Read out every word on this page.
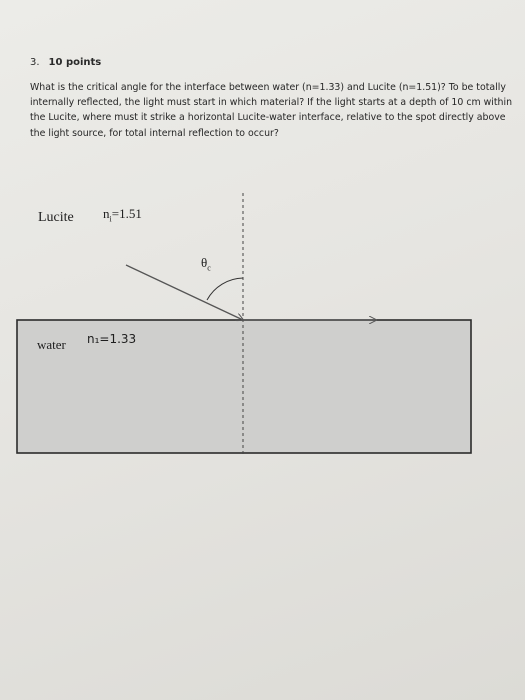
3. 10 points
What is the critical angle for the interface between water (n=1.33) and Lucite (n=1.51)? To be totally internally reflected, the light must start in which material? If the light starts at a depth of 10 cm within the Lucite, where must it strike a horizontal Lucite-water interface, relative to the spot directly above the light source, for total internal reflection to occur?
Lucite $n_i=1.51$
$\theta_c$
water n₁=1.33
